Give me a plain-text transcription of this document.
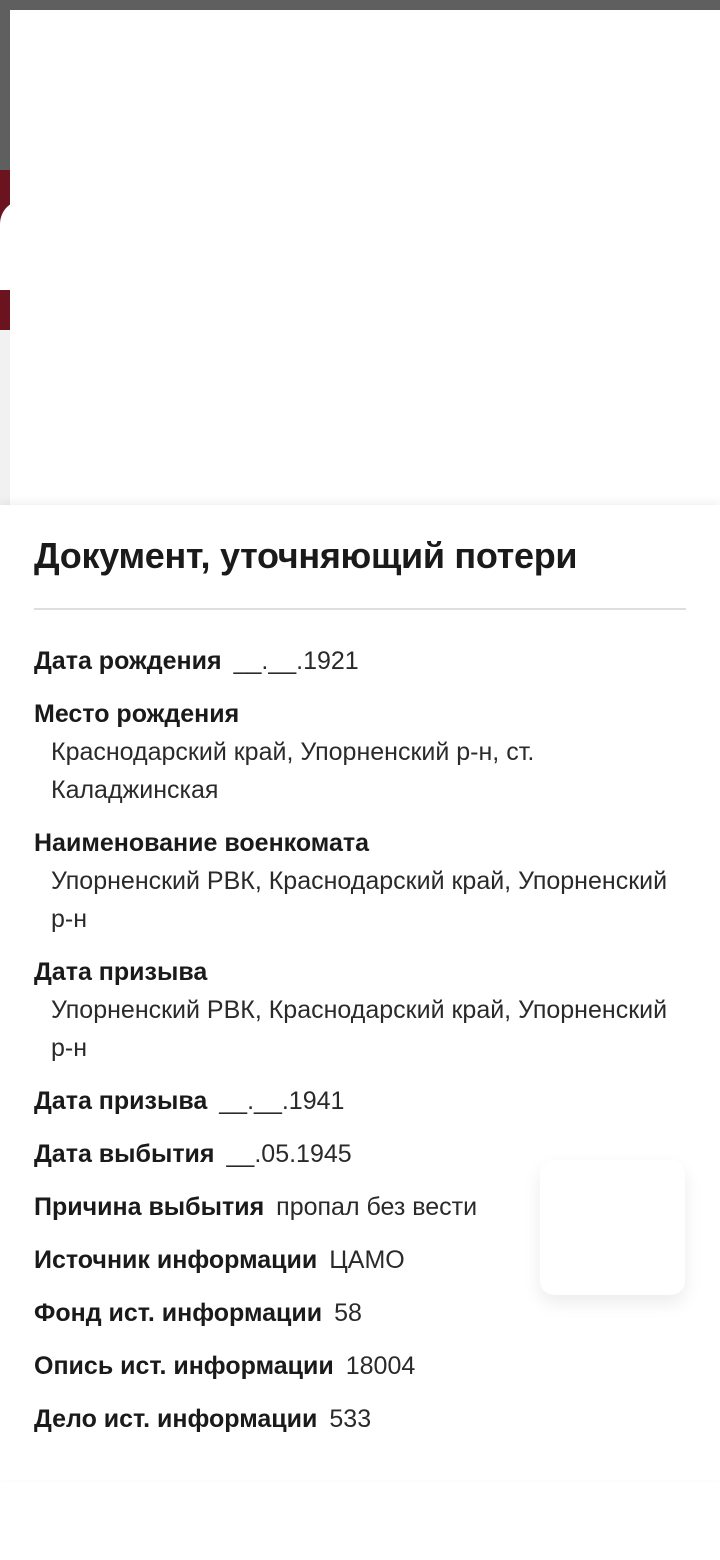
Документ, уточняющий потери
Дата рождения __.__.1921
Место рождения
Краснодарский край, Упорненский р-н, ст. Каладжинская
Наименование военкомата
Упорненский РВК, Краснодарский край, Упорненский р-н
Дата призыва
Упорненский РВК, Краснодарский край, Упорненский р-н
Дата призыва __.__.1941
Дата выбытия __.05.1945
Причина выбытия пропал без вести
Источник информации ЦАМО
Фонд ист. информации 58
Опись ист. информации 18004
Дело ист. информации 533
